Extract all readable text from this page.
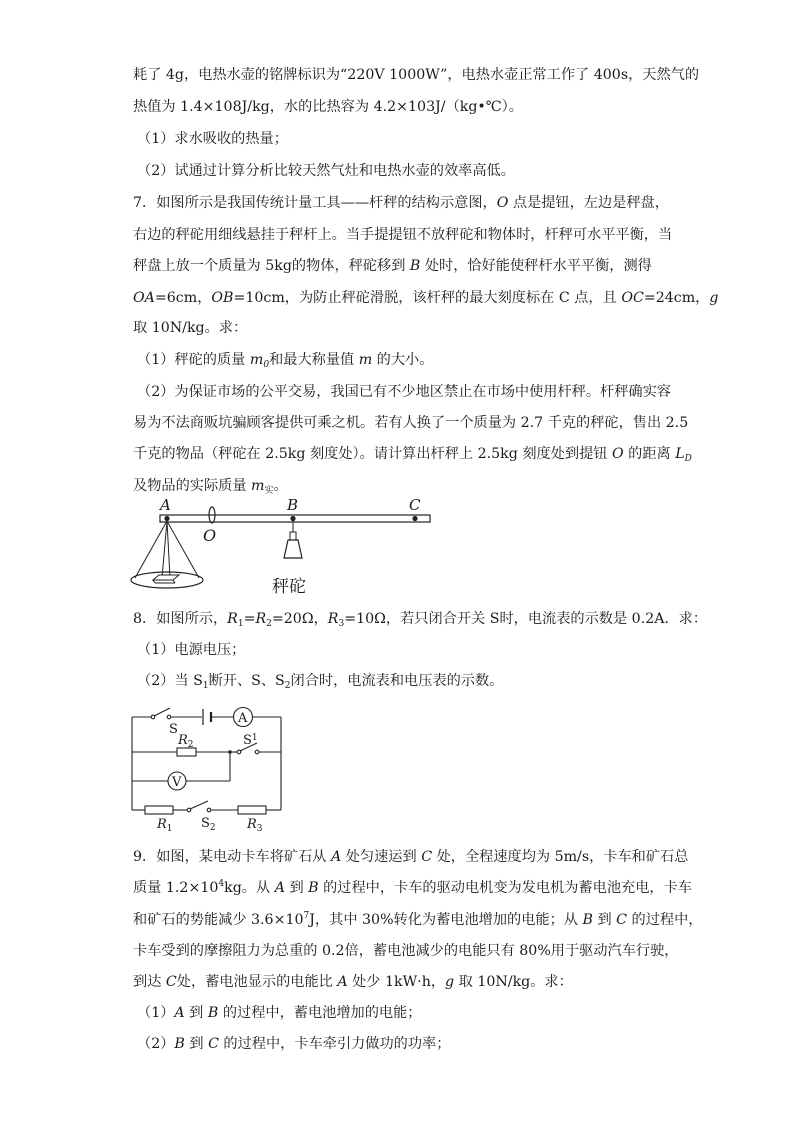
耗了 4g，电热水壶的铭牌标识为“220V 1000W”，电热水壶正常工作了 400s，天然气的
热值为 1.4×108J/kg，水的比热容为 4.2×103J/（kg•℃）。
（1）求水吸收的热量；
（2）试通过计算分析比较天然气灶和电热水壶的效率高低。
7．如图所示是我国传统计量工具——杆秤的结构示意图，O 点是提钮，左边是秤盘，
右边的秤砣用细线悬挂于秤杆上。当手提提钮不放秤砣和物体时，杆秤可水平平衡，当
秤盘上放一个质量为 5kg的物体，秤砣移到 B 处时，恰好能使秤杆水平平衡，测得
OA=6cm，OB=10cm，为防止秤砣滑脱，该杆秤的最大刻度标在 C 点，且 OC=24cm，g
取 10N/kg。求：
（1）秤砣的质量 $m_0$和最大称量值 m 的大小。
（2）为保证市场的公平交易，我国已有不少地区禁止在市场中使用杆秤。杆秤确实容
易为不法商贩坑骗顾客提供可乘之机。若有人换了一个质量为 2.7 千克的秤砣，售出 2.5
千克的物品（秤砣在 2.5kg 刻度处）。请计算出杆秤上 2.5kg 刻度处到提钮 O 的距离 $L_D$
及物品的实际质量 $m_实$。
A
O
B	C
秤砣
8．如图所示，$R_1=R_2=20\Omega$，$R_3=10\Omega$，若只闭合开关 S时，电流表的示数是 0.2A．求：
（1）电源电压；
（2）当 $S_1$断开、S、$S_2$闭合时，电流表和电压表的示数。
S
A
$R_2$	$S^1$
V
$R_1$ $S_2$ $R_3$
9．如图，某电动卡车将矿石从 A 处匀速运到 C 处，全程速度均为 5m/s，卡车和矿石总
质量 $1.2\times 10^4kg$。从 A 到 B 的过程中，卡车的驱动电机变为发电机为蓄电池充电，卡车
和矿石的势能减少 $3.6\times 10^7J$，其中 30%转化为蓄电池增加的电能；从 B 到 C 的过程中，
卡车受到的摩擦阻力为总重的 0.2倍，蓄电池减少的电能只有 80%用于驱动汽车行驶，
到达 C处，蓄电池显示的电能比 A 处少 1kW·h，g 取 10N/kg。求：
（1）A 到 B 的过程中，蓄电池增加的电能；
（2）B 到 C 的过程中，卡车牵引力做功的功率；
